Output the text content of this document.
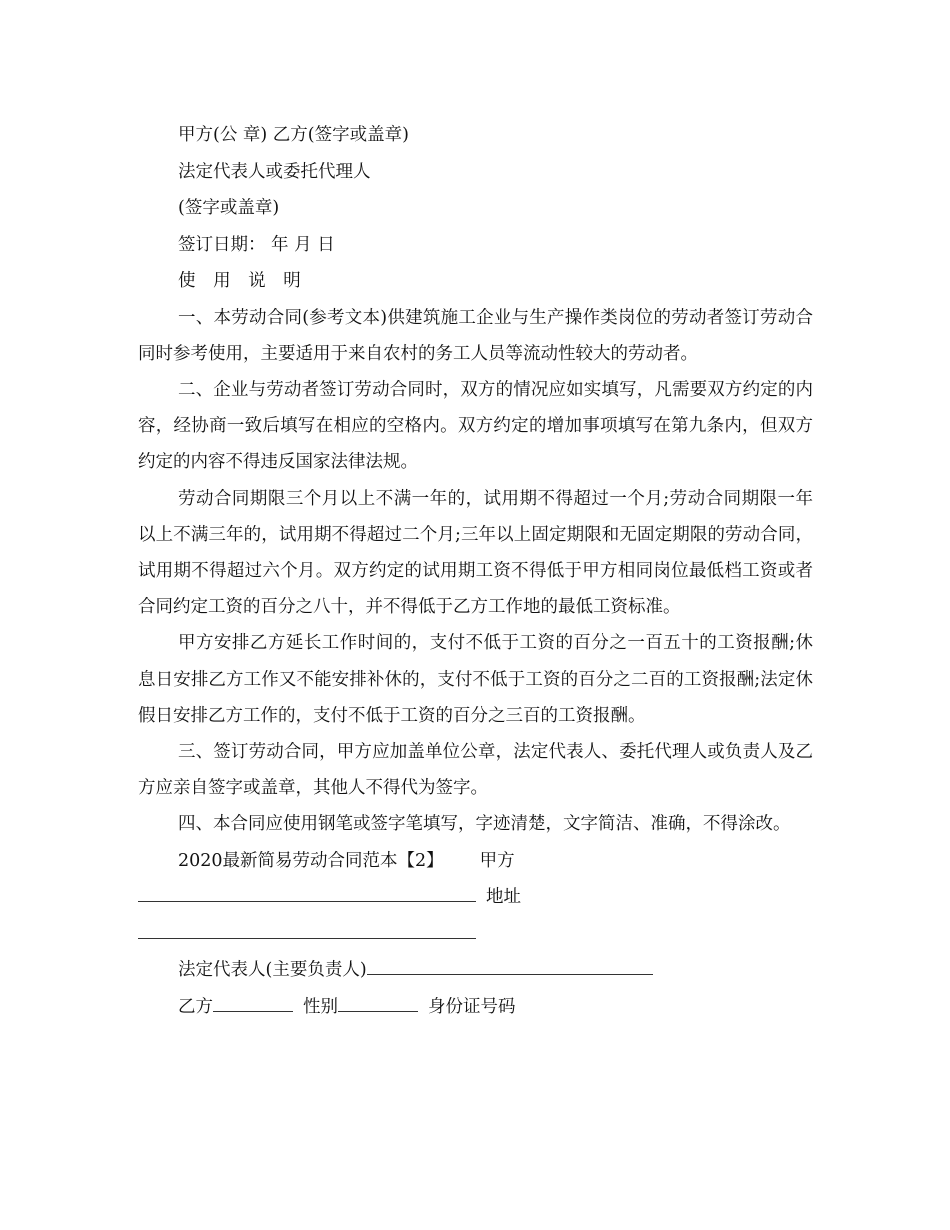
甲方(公 章) 乙方(签字或盖章)

法定代表人或委托代理人

(签字或盖章)

签订日期： 年 月 日

使 用 说 明

一、本劳动合同(参考文本)供建筑施工企业与生产操作类岗位的劳动者签订劳动合同时参考使用，主要适用于来自农村的务工人员等流动性较大的劳动者。

二、企业与劳动者签订劳动合同时，双方的情况应如实填写，凡需要双方约定的内容，经协商一致后填写在相应的空格内。双方约定的增加事项填写在第九条内，但双方约定的内容不得违反国家法律法规。

劳动合同期限三个月以上不满一年的，试用期不得超过一个月;劳动合同期限一年以上不满三年的，试用期不得超过二个月;三年以上固定期限和无固定期限的劳动合同，试用期不得超过六个月。双方约定的试用期工资不得低于甲方相同岗位最低档工资或者合同约定工资的百分之八十，并不得低于乙方工作地的最低工资标准。

甲方安排乙方延长工作时间的，支付不低于工资的百分之一百五十的工资报酬;休息日安排乙方工作又不能安排补休的，支付不低于工资的百分之二百的工资报酬;法定休假日安排乙方工作的，支付不低于工资的百分之三百的工资报酬。

三、签订劳动合同，甲方应加盖单位公章，法定代表人、委托代理人或负责人及乙方应亲自签字或盖章，其他人不得代为签字。

四、本合同应使用钢笔或签字笔填写，字迹清楚，文字简洁、准确，不得涂改。

2020最新简易劳动合同范本【2】 甲方

地址

法定代表人(主要负责人)

乙方	性别	身份证号码
